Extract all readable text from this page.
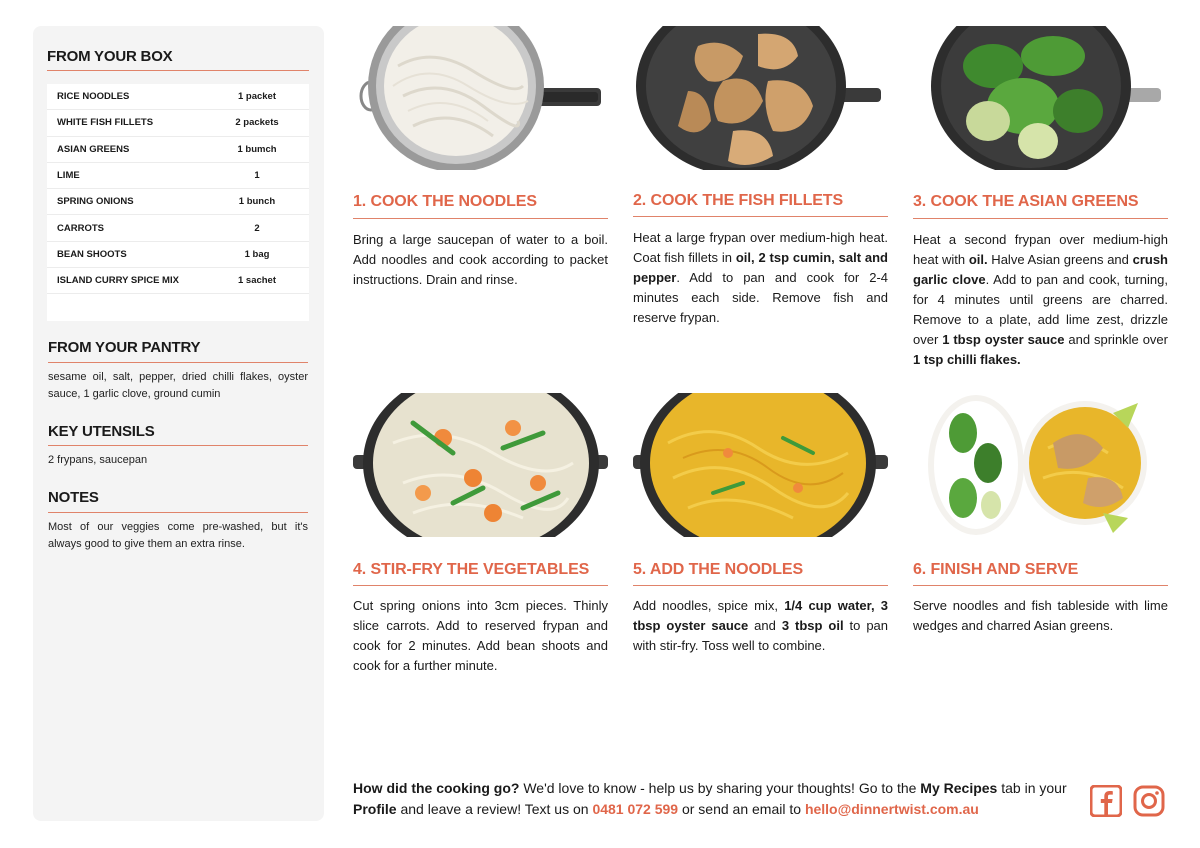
FROM YOUR BOX
RICE NOODLES	1 packet
WHITE FISH FILLETS	2 packets
ASIAN GREENS	1 bumch
LIME	1
SPRING ONIONS	1 bunch
CARROTS	2
BEAN SHOOTS	1 bag
ISLAND CURRY SPICE MIX	1 sachet
FROM YOUR PANTRY
sesame oil, salt, pepper, dried chilli flakes, oyster sauce, 1 garlic clove, ground cumin
KEY UTENSILS
2 frypans, saucepan
NOTES
Most of our veggies come pre-washed, but it's always good to give them an extra rinse.
1. COOK THE NOODLES
Bring a large saucepan of water to a boil. Add noodles and cook according to packet instructions. Drain and rinse.
2. COOK THE FISH FILLETS
Heat a large frypan over medium-high heat. Coat fish fillets in oil, 2 tsp cumin, salt and pepper. Add to pan and cook for 2-4 minutes each side. Remove fish and reserve frypan.
3. COOK THE ASIAN GREENS
Heat a second frypan over medium-high heat with oil. Halve Asian greens and crush garlic clove. Add to pan and cook, turning, for 4 minutes until greens are charred. Remove to a plate, add lime zest, drizzle over 1 tbsp oyster sauce and sprinkle over 1 tsp chilli flakes.
4. STIR-FRY THE VEGETABLES
Cut spring onions into 3cm pieces. Thinly slice carrots. Add to reserved frypan and cook for 2 minutes. Add bean shoots and cook for a further minute.
5. ADD THE NOODLES
Add noodles, spice mix, 1/4 cup water, 3 tbsp oyster sauce and 3 tbsp oil to pan with stir-fry. Toss well to combine.
6. FINISH AND SERVE
Serve noodles and fish tableside with lime wedges and charred Asian greens.
How did the cooking go? We'd love to know - help us by sharing your thoughts! Go to the My Recipes tab in your Profile and leave a review! Text us on 0481 072 599 or send an email to hello@dinnertwist.com.au
